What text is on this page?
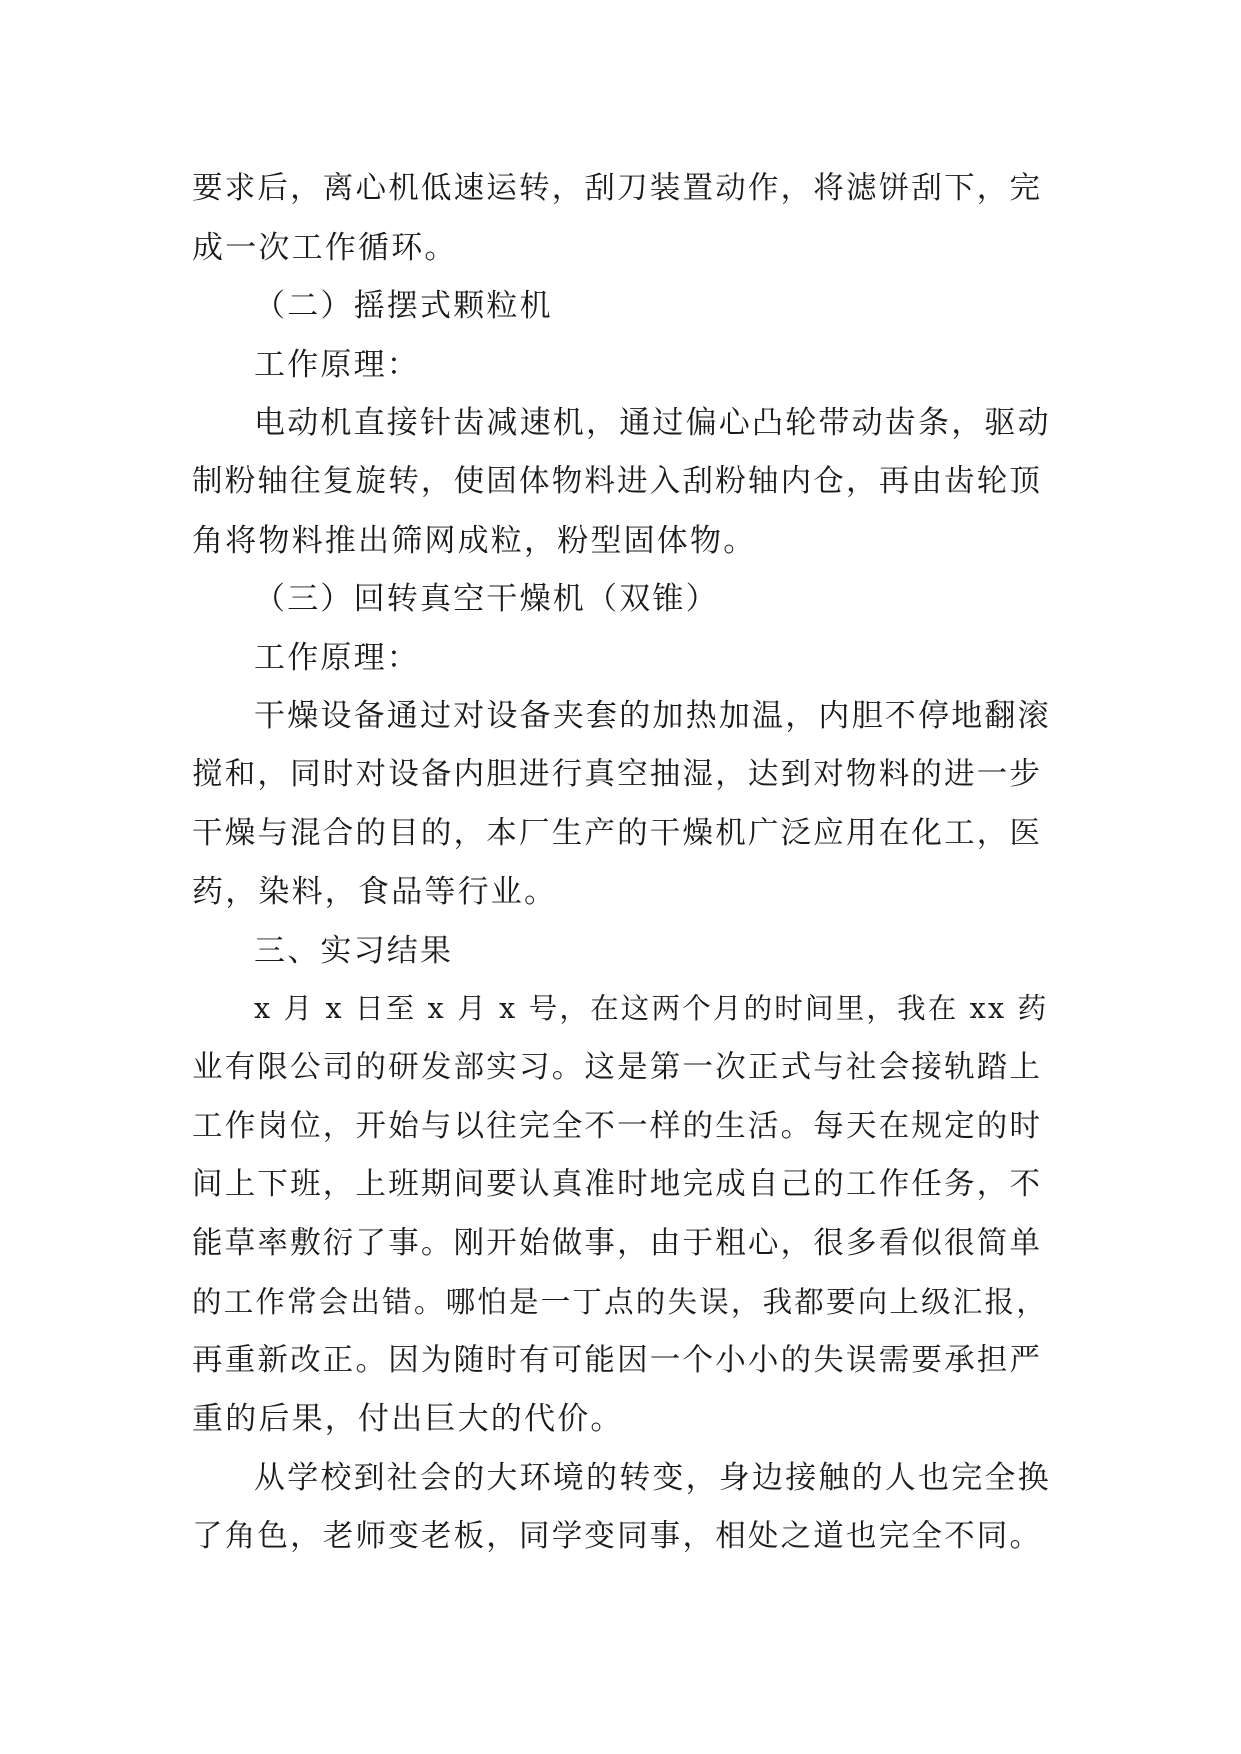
要求后，离心机低速运转，刮刀装置动作，将滤饼刮下，完
成一次工作循环。
（二）摇摆式颗粒机
工作原理：
电动机直接针齿减速机，通过偏心凸轮带动齿条，驱动
制粉轴往复旋转，使固体物料进入刮粉轴内仓，再由齿轮顶
角将物料推出筛网成粒，粉型固体物。
（三）回转真空干燥机（双锥）
工作原理：
干燥设备通过对设备夹套的加热加温，内胆不停地翻滚
搅和，同时对设备内胆进行真空抽湿，达到对物料的进一步
干燥与混合的目的，本厂生产的干燥机广泛应用在化工，医
药，染料，食品等行业。
三、实习结果
x 月 x 日至 x 月 x 号，在这两个月的时间里，我在 xx 药
业有限公司的研发部实习。这是第一次正式与社会接轨踏上
工作岗位，开始与以往完全不一样的生活。每天在规定的时
间上下班，上班期间要认真准时地完成自己的工作任务，不
能草率敷衍了事。刚开始做事，由于粗心，很多看似很简单
的工作常会出错。哪怕是一丁点的失误，我都要向上级汇报，
再重新改正。因为随时有可能因一个小小的失误需要承担严
重的后果，付出巨大的代价。
从学校到社会的大环境的转变，身边接触的人也完全换
了角色，老师变老板，同学变同事，相处之道也完全不同。
